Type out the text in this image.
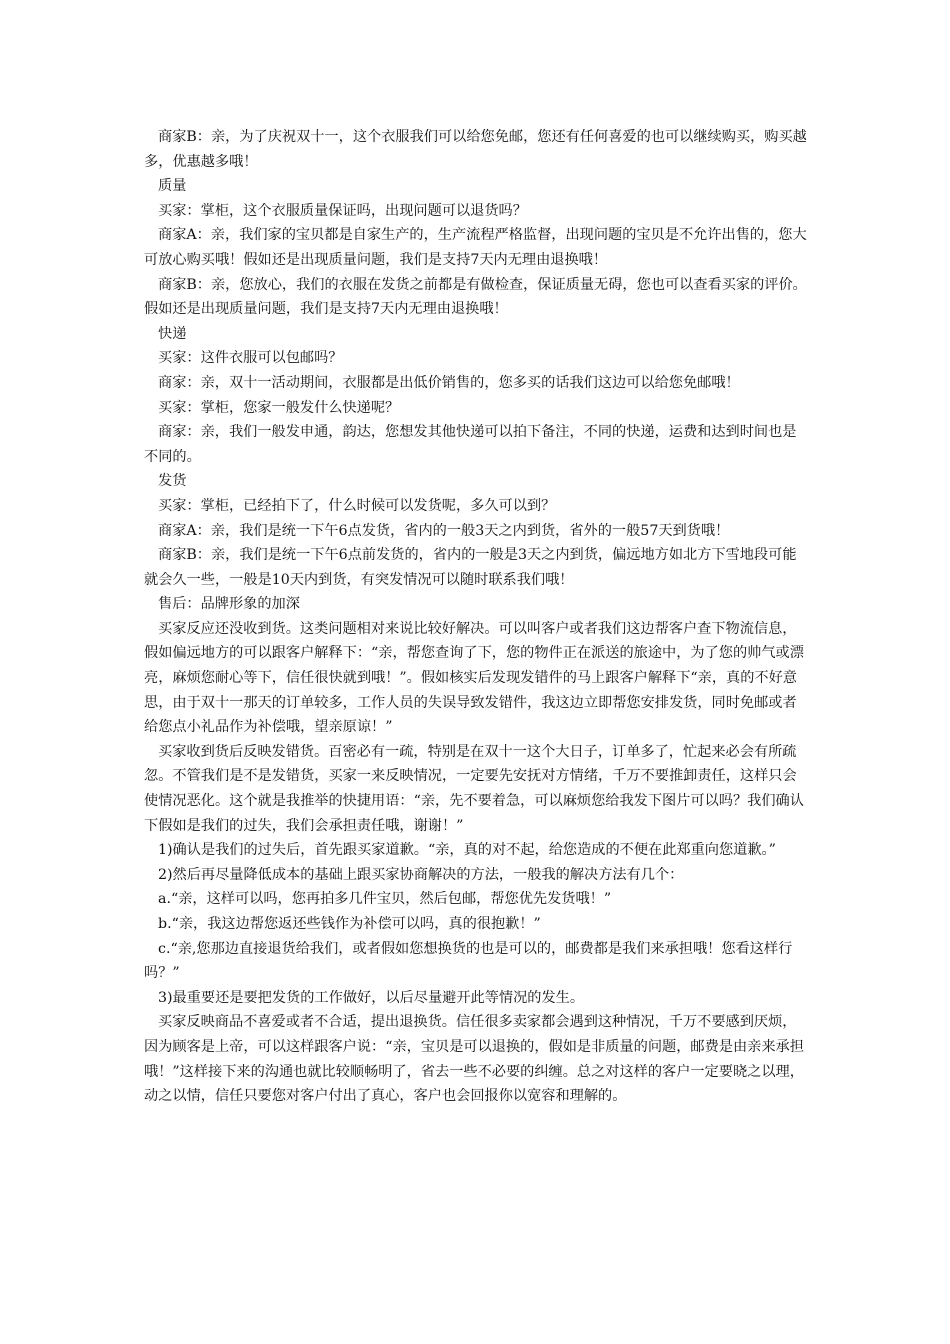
商家B：亲，为了庆祝双十一，这个衣服我们可以给您免邮，您还有任何喜爱的也可以继续购买，购买越多，优惠越多哦！

质量

买家：掌柜，这个衣服质量保证吗，出现问题可以退货吗？

商家A：亲，我们家的宝贝都是自家生产的，生产流程严格监督，出现问题的宝贝是不允许出售的，您大可放心购买哦！假如还是出现质量问题，我们是支持7天内无理由退换哦！

商家B：亲，您放心，我们的衣服在发货之前都是有做检查，保证质量无碍，您也可以查看买家的评价。假如还是出现质量问题，我们是支持7天内无理由退换哦！

快递

买家：这件衣服可以包邮吗？

商家：亲，双十一活动期间，衣服都是出低价销售的，您多买的话我们这边可以给您免邮哦！

买家：掌柜，您家一般发什么快递呢？

商家：亲，我们一般发申通，韵达，您想发其他快递可以拍下备注，不同的快递，运费和达到时间也是不同的。

发货

买家：掌柜，已经拍下了，什么时候可以发货呢，多久可以到？

商家A：亲，我们是统一下午6点发货，省内的一般3天之内到货，省外的一般57天到货哦！

商家B：亲，我们是统一下午6点前发货的，省内的一般是3天之内到货，偏远地方如北方下雪地段可能就会久一些，一般是10天内到货，有突发情况可以随时联系我们哦！

售后：品牌形象的加深

买家反应还没收到货。这类问题相对来说比较好解决。可以叫客户或者我们这边帮客户查下物流信息，假如偏远地方的可以跟客户解释下：“亲，帮您查询了下，您的物件正在派送的旅途中，为了您的帅气或漂亮，麻烦您耐心等下，信任很快就到哦！”。假如核实后发现发错件的马上跟客户解释下“亲，真的不好意思，由于双十一那天的订单较多，工作人员的失误导致发错件，我这边立即帮您安排发货，同时免邮或者给您点小礼品作为补偿哦，望亲原谅！”

买家收到货后反映发错货。百密必有一疏，特别是在双十一这个大日子，订单多了，忙起来必会有所疏忽。不管我们是不是发错货，买家一来反映情况，一定要先安抚对方情绪，千万不要推卸责任，这样只会使情况恶化。这个就是我推举的快捷用语：“亲，先不要着急，可以麻烦您给我发下图片可以吗？我们确认下假如是我们的过失，我们会承担责任哦，谢谢！”

1)确认是我们的过失后，首先跟买家道歉。“亲，真的对不起，给您造成的不便在此郑重向您道歉。”

2)然后再尽量降低成本的基础上跟买家协商解决的方法，一般我的解决方法有几个：

a.“亲，这样可以吗，您再拍多几件宝贝，然后包邮，帮您优先发货哦！”

b.“亲，我这边帮您返还些钱作为补偿可以吗，真的很抱歉！”

c.“亲,您那边直接退货给我们，或者假如您想换货的也是可以的，邮费都是我们来承担哦！您看这样行吗？”

3)最重要还是要把发货的工作做好，以后尽量避开此等情况的发生。

买家反映商品不喜爱或者不合适，提出退换货。信任很多卖家都会遇到这种情况，千万不要感到厌烦，因为顾客是上帝，可以这样跟客户说：“亲，宝贝是可以退换的，假如是非质量的问题，邮费是由亲来承担哦！”这样接下来的沟通也就比较顺畅明了，省去一些不必要的纠缠。总之对这样的客户一定要晓之以理，动之以情，信任只要您对客户付出了真心，客户也会回报你以宽容和理解的。
